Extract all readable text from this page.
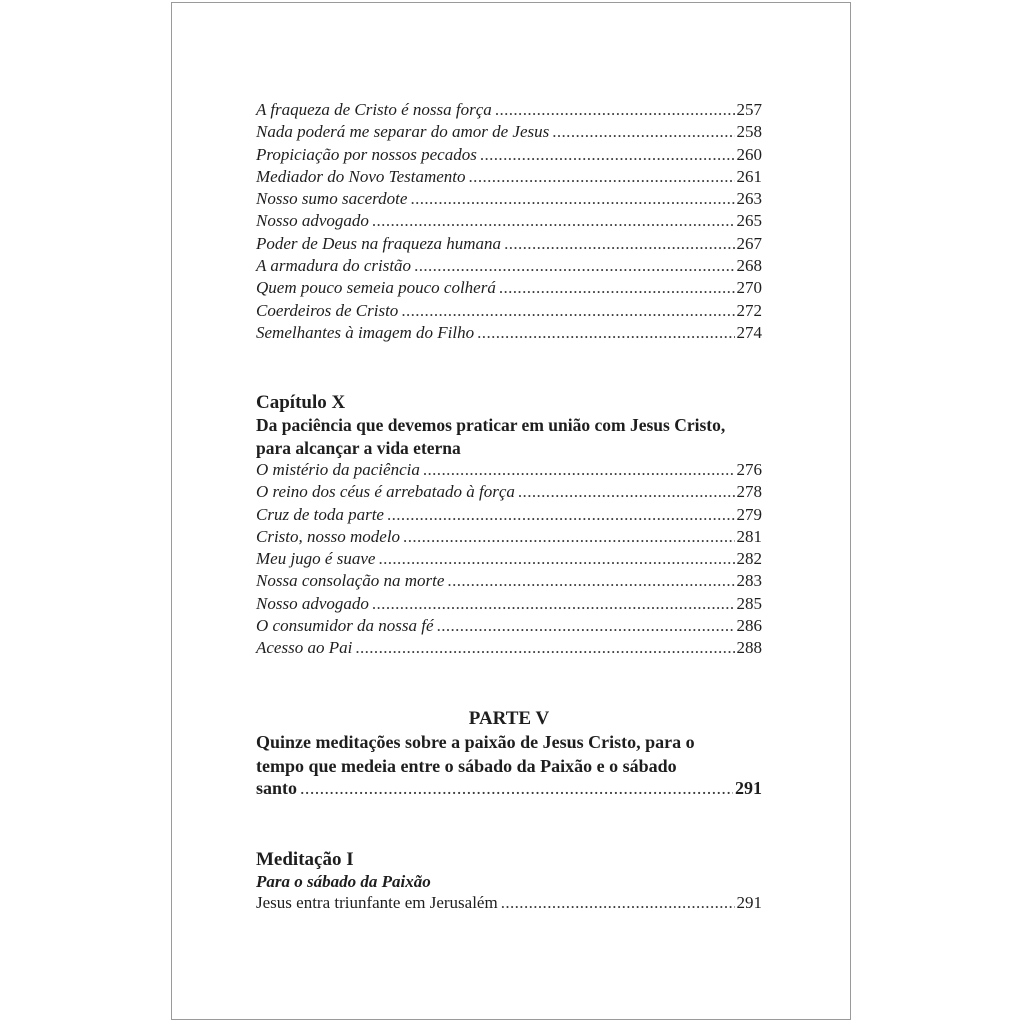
A fraqueza de Cristo é nossa força .....	257
Nada poderá me separar do amor de Jesus .....	258
Propiciação por nossos pecados .....	260
Mediador do Novo Testamento .....	261
Nosso sumo sacerdote .....	263
Nosso advogado .....	265
Poder de Deus na fraqueza humana .....	267
A armadura do cristão .....	268
Quem pouco semeia pouco colherá .....	270
Coerdeiros de Cristo .....	272
Semelhantes à imagem do Filho .....	274
Capítulo X
Da paciência que devemos praticar em união com Jesus Cristo,
para alcançar a vida eterna
O mistério da paciência .....	276
O reino dos céus é arrebatado à força .....	278
Cruz de toda parte .....	279
Cristo, nosso modelo .....	281
Meu jugo é suave .....	282
Nossa consolação na morte .....	283
Nosso advogado .....	285
O consumidor da nossa fé .....	286
Acesso ao Pai .....	288
PARTE V
Quinze meditações sobre a paixão de Jesus Cristo, para o
tempo que medeia entre o sábado da Paixão e o sábado
santo .....	291
Meditação I
Para o sábado da Paixão
Jesus entra triunfante em Jerusalém .....	291
